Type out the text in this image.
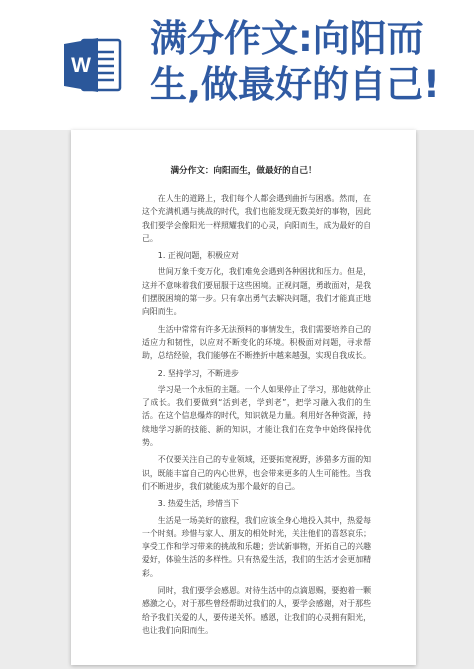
W
满分作文:向阳而
生,做最好的自己!
满分作文：向阳而生，做最好的自己！

在人生的道路上，我们每个人都会遇到曲折与困惑。然而，在这个充满机遇与挑战的时代，我们也能发现无数美好的事物，因此我们要学会像阳光一样照耀我们的心灵，向阳而生，成为最好的自己。

1. 正视问题，积极应对

世间万象千变万化，我们难免会遇到各种困扰和压力。但是，这并不意味着我们要屈服于这些困境。正视问题，勇敢面对，是我们摆脱困境的第一步。只有拿出勇气去解决问题，我们才能真正地向阳而生。

生活中常常有许多无法预料的事情发生，我们需要培养自己的适应力和韧性，以应对不断变化的环境。积极面对问题，寻求帮助，总结经验，我们能够在不断挫折中越来越强，实现自我成长。

2. 坚持学习，不断进步

学习是一个永恒的主题。一个人如果停止了学习，那他就停止了成长。我们要做到“活到老，学到老”，把学习融入我们的生活。在这个信息爆炸的时代，知识就是力量。利用好各种资源，持续地学习新的技能、新的知识，才能让我们在竞争中始终保持优势。

不仅要关注自己的专业领域，还要拓宽视野，涉猎多方面的知识，既能丰富自己的内心世界，也会带来更多的人生可能性。当我们不断进步，我们就能成为那个最好的自己。

3. 热爱生活，珍惜当下

生活是一场美好的旅程，我们应该全身心地投入其中，热爱每一个时刻。珍惜与家人、朋友的相处时光，关注他们的喜怒哀乐；享受工作和学习带来的挑战和乐趣；尝试新事物，开拓自己的兴趣爱好，体验生活的多样性。只有热爱生活，我们的生活才会更加精彩。

同时，我们要学会感恩。对待生活中的点滴恩赐，要抱着一颗感激之心，对于那些曾经帮助过我们的人，要学会感谢，对于那些给予我们关爱的人，要传递关怀。感恩，让我们的心灵拥有阳光，也让我们向阳而生。
